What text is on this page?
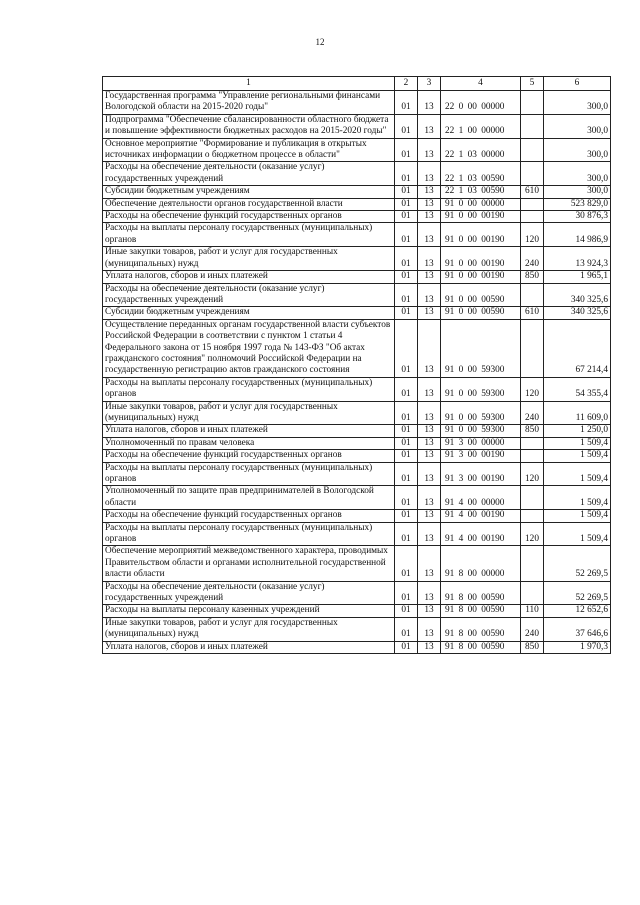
12
1	2	3	4	5	6
Государственная программа "Управление региональными финансами Вологодской области на 2015-2020 годы"	01	13	22 0 00 00000		300,0
Подпрограмма "Обеспечение сбалансированности областного бюджета и повышение эффективности бюджетных расходов на 2015-2020 годы"	01	13	22 1 00 00000		300,0
Основное мероприятие "Формирование и публикация в открытых источниках информации о бюджетном процессе в области"	01	13	22 1 03 00000		300,0
Расходы на обеспечение деятельности (оказание услуг) государственных учреждений	01	13	22 1 03 00590		300,0
Субсидии бюджетным учреждениям	01	13	22 1 03 00590	610	300,0
Обеспечение деятельности органов государственной власти	01	13	91 0 00 00000		523 829,0
Расходы на обеспечение функций государственных органов	01	13	91 0 00 00190		30 876,3
Расходы на выплаты персоналу государственных (муниципальных) органов	01	13	91 0 00 00190	120	14 986,9
Иные закупки товаров, работ и услуг для государственных (муниципальных) нужд	01	13	91 0 00 00190	240	13 924,3
Уплата налогов, сборов и иных платежей	01	13	91 0 00 00190	850	1 965,1
Расходы на обеспечение деятельности (оказание услуг) государственных учреждений	01	13	91 0 00 00590		340 325,6
Субсидии бюджетным учреждениям	01	13	91 0 00 00590	610	340 325,6
Осуществление переданных органам государственной власти субъектов Российской Федерации в соответствии с пунктом 1 статьи 4 Федерального закона от 15 ноября 1997 года № 143-ФЗ "Об актах гражданского состояния" полномочий Российской Федерации на государственную регистрацию актов гражданского состояния	01	13	91 0 00 59300		67 214,4
Расходы на выплаты персоналу государственных (муниципальных) органов	01	13	91 0 00 59300	120	54 355,4
Иные закупки товаров, работ и услуг для государственных (муниципальных) нужд	01	13	91 0 00 59300	240	11 609,0
Уплата налогов, сборов и иных платежей	01	13	91 0 00 59300	850	1 250,0
Уполномоченный по правам человека	01	13	91 3 00 00000		1 509,4
Расходы на обеспечение функций государственных органов	01	13	91 3 00 00190		1 509,4
Расходы на выплаты персоналу государственных (муниципальных) органов	01	13	91 3 00 00190	120	1 509,4
Уполномоченный по защите прав предпринимателей в Вологодской области	01	13	91 4 00 00000		1 509,4
Расходы на обеспечение функций государственных органов	01	13	91 4 00 00190		1 509,4
Расходы на выплаты персоналу государственных (муниципальных) органов	01	13	91 4 00 00190	120	1 509,4
Обеспечение мероприятий межведомственного характера, проводимых Правительством области и органами исполнительной государственной власти области	01	13	91 8 00 00000		52 269,5
Расходы на обеспечение деятельности (оказание услуг) государственных учреждений	01	13	91 8 00 00590		52 269,5
Расходы на выплаты персоналу казенных учреждений	01	13	91 8 00 00590	110	12 652,6
Иные закупки товаров, работ и услуг для государственных (муниципальных) нужд	01	13	91 8 00 00590	240	37 646,6
Уплата налогов, сборов и иных платежей	01	13	91 8 00 00590	850	1 970,3
